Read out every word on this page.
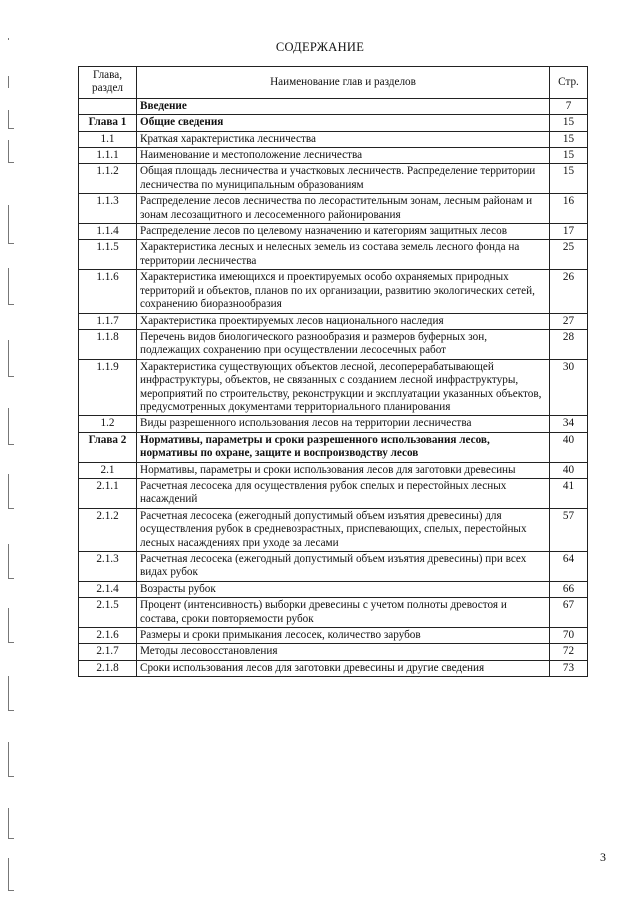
СОДЕРЖАНИЕ
Глава, раздел	Наименование глав и разделов	Стр.
	Введение	7
Глава 1	Общие сведения	15
1.1	Краткая характеристика лесничества	15
1.1.1	Наименование и местоположение лесничества	15
1.1.2	Общая площадь лесничества и участковых лесничеств. Распределение территории лесничества по муниципальным образованиям	15
1.1.3	Распределение лесов лесничества по лесорастительным зонам, лесным районам и зонам лесозащитного и лесосеменного районирования	16
1.1.4	Распределение лесов по целевому назначению и категориям защитных лесов	17
1.1.5	Характеристика лесных и нелесных земель из состава земель лесного фонда на территории лесничества	25
1.1.6	Характеристика имеющихся и проектируемых особо охраняемых природных территорий и объектов, планов по их организации, развитию экологических сетей, сохранению биоразнообразия	26
1.1.7	Характеристика проектируемых лесов национального наследия	27
1.1.8	Перечень видов биологического разнообразия и размеров буферных зон, подлежащих сохранению при осуществлении лесосечных работ	28
1.1.9	Характеристика существующих объектов лесной, лесоперерабатывающей инфраструктуры, объектов, не связанных с созданием лесной инфраструктуры, мероприятий по строительству, реконструкции и эксплуатации указанных объектов, предусмотренных документами территориального планирования	30
1.2	Виды разрешенного использования лесов на территории лесничества	34
Глава 2	Нормативы, параметры и сроки разрешенного использования лесов, нормативы по охране, защите и воспроизводству лесов	40
2.1	Нормативы, параметры и сроки использования лесов для заготовки древесины	40
2.1.1	Расчетная лесосека для осуществления рубок спелых и перестойных лесных насаждений	41
2.1.2	Расчетная лесосека (ежегодный допустимый объем изъятия древесины) для осуществления рубок в средневозрастных, приспевающих, спелых, перестойных лесных насаждениях при уходе за лесами	57
2.1.3	Расчетная лесосека (ежегодный допустимый объем изъятия древесины) при всех видах рубок	64
2.1.4	Возрасты рубок	66
2.1.5	Процент (интенсивность) выборки древесины с учетом полноты древостоя и состава, сроки повторяемости рубок	67
2.1.6	Размеры и сроки примыкания лесосек, количество зарубов	70
2.1.7	Методы лесовосстановления	72
2.1.8	Сроки использования лесов для заготовки древесины и другие сведения	73
3
